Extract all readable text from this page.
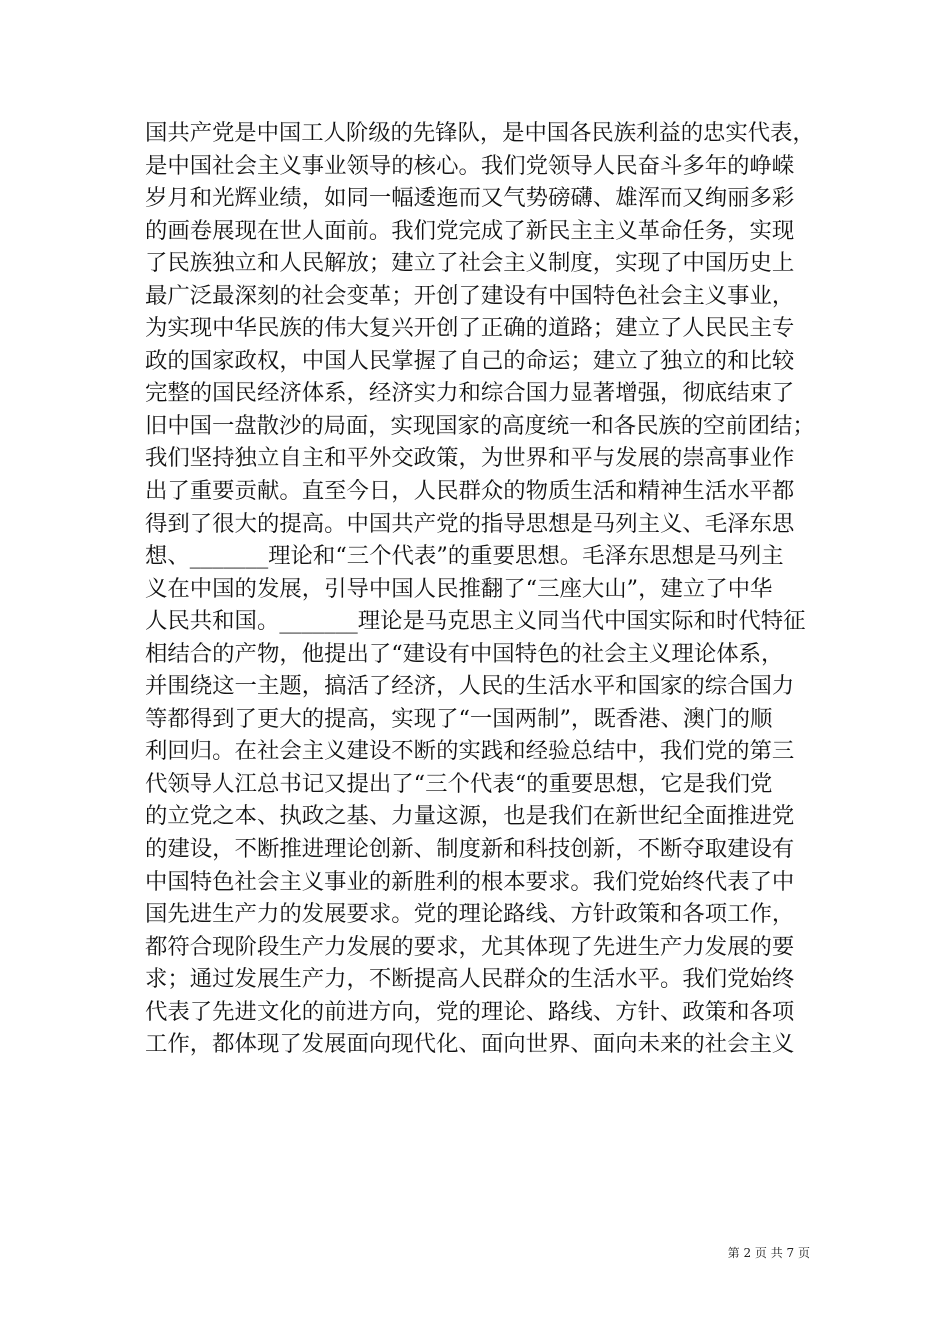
国共产党是中国工人阶级的先锋队，是中国各民族利益的忠实代表，
是中国社会主义事业领导的核心。我们党领导人民奋斗多年的峥嵘
岁月和光辉业绩，如同一幅逶迤而又气势磅礴、雄浑而又绚丽多彩
的画卷展现在世人面前。我们党完成了新民主主义革命任务，实现
了民族独立和人民解放；建立了社会主义制度，实现了中国历史上
最广泛最深刻的社会变革；开创了建设有中国特色社会主义事业，
为实现中华民族的伟大复兴开创了正确的道路；建立了人民民主专
政的国家政权，中国人民掌握了自己的命运；建立了独立的和比较
完整的国民经济体系，经济实力和综合国力显著增强，彻底结束了
旧中国一盘散沙的局面，实现国家的高度统一和各民族的空前团结；
我们坚持独立自主和平外交政策，为世界和平与发展的崇高事业作
出了重要贡献。直至今日，人民群众的物质生活和精神生活水平都
得到了很大的提高。中国共产党的指导思想是马列主义、毛泽东思
想、_______理论和“三个代表”的重要思想。毛泽东思想是马列主
义在中国的发展，引导中国人民推翻了“三座大山”，建立了中华
人民共和国。_______理论是马克思主义同当代中国实际和时代特征
相结合的产物，他提出了“建设有中国特色的社会主义理论体系，
并围绕这一主题，搞活了经济，人民的生活水平和国家的综合国力
等都得到了更大的提高，实现了“一国两制”，既香港、澳门的顺
利回归。在社会主义建设不断的实践和经验总结中，我们党的第三
代领导人江总书记又提出了“三个代表“的重要思想，它是我们党
的立党之本、执政之基、力量这源，也是我们在新世纪全面推进党
的建设，不断推进理论创新、制度新和科技创新，不断夺取建设有
中国特色社会主义事业的新胜利的根本要求。我们党始终代表了中
国先进生产力的发展要求。党的理论路线、方针政策和各项工作，
都符合现阶段生产力发展的要求，尤其体现了先进生产力发展的要
求；通过发展生产力，不断提高人民群众的生活水平。我们党始终
代表了先进文化的前进方向，党的理论、路线、方针、政策和各项
工作，都体现了发展面向现代化、面向世界、面向未来的社会主义
第 2 页 共 7 页
